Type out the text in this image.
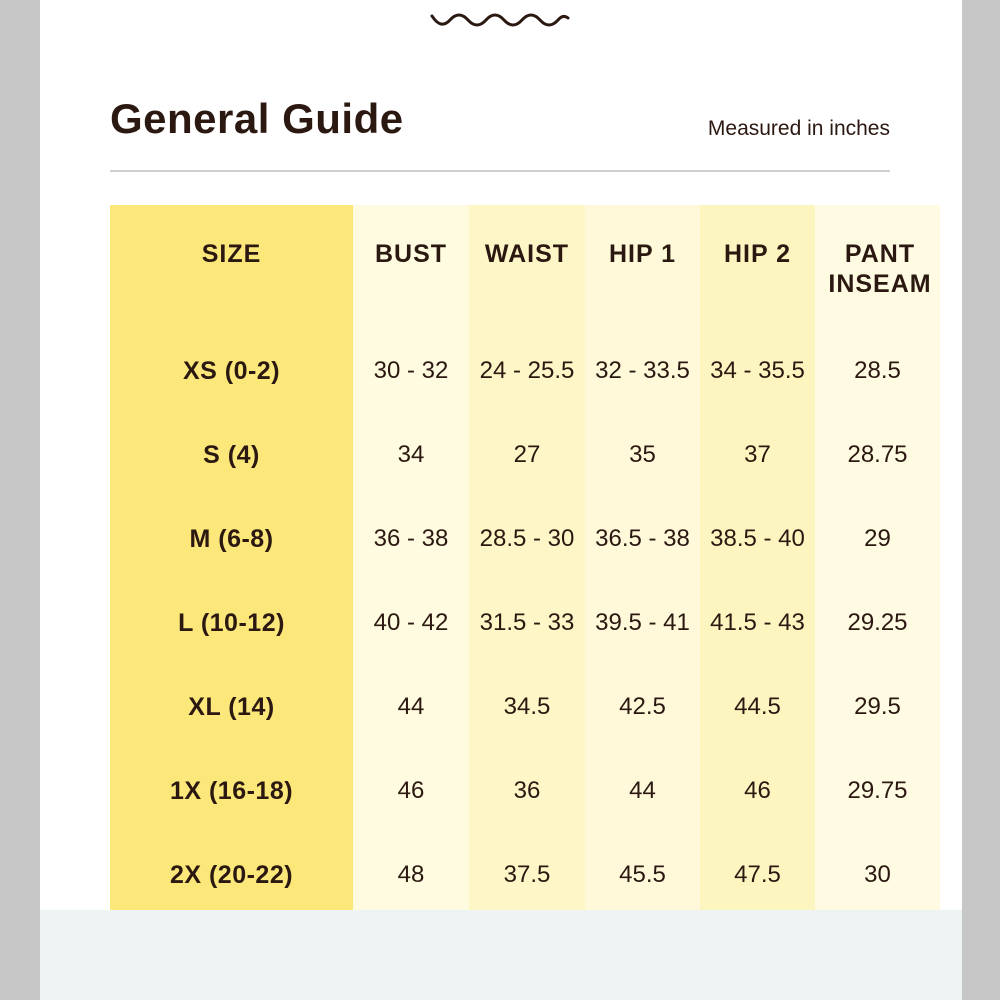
General Guide	Measured in inches
SIZE
XS (0-2)
S (4)
M (6-8)
L (10-12)
XL (14)
1X (16-18)
2X (20-22)
BUST
30 - 32
34
36 - 38
40 - 42
44
46
48
WAIST
24 - 25.5
27
28.5 - 30
31.5 - 33
34.5
36
37.5
HIP 1
32 - 33.5
35
36.5 - 38
39.5 - 41
42.5
44
45.5
HIP 2
34 - 35.5
37
38.5 - 40
41.5 - 43
44.5
46
47.5
PANT INSEAM
28.5
28.75
29
29.25
29.5
29.75
30
